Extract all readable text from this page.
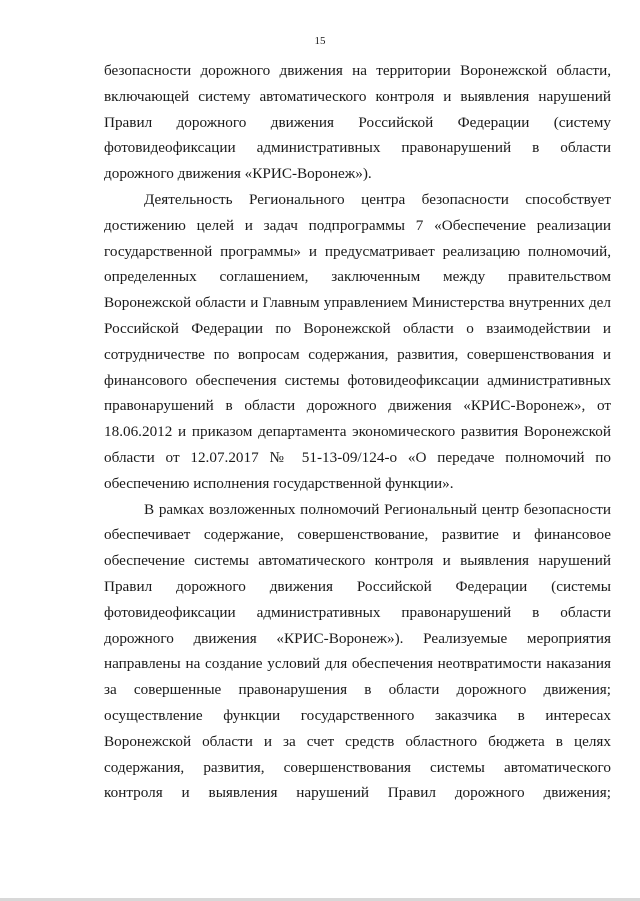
15
безопасности дорожного движения на территории Воронежской области,
включающей систему автоматического контроля и выявления нарушений
Правил дорожного движения Российской Федерации (систему
фотовидеофиксации административных правонарушений в области
дорожного движения «КРИС-Воронеж»).
Деятельность Регионального центра безопасности способствует
достижению целей и задач подпрограммы 7 «Обеспечение реализации
государственной программы» и предусматривает реализацию полномочий,
определенных соглашением, заключенным между правительством
Воронежской области и Главным управлением Министерства внутренних дел
Российской Федерации по Воронежской области о взаимодействии и
сотрудничестве по вопросам содержания, развития, совершенствования и
финансового обеспечения системы фотовидеофиксации административных
правонарушений в области дорожного движения «КРИС-Воронеж», от
18.06.2012 и приказом департамента экономического развития Воронежской
области от 12.07.2017 № 51-13-09/124-о «О передаче полномочий по
обеспечению исполнения государственной функции».
В рамках возложенных полномочий Региональный центр безопасности
обеспечивает содержание, совершенствование, развитие и финансовое
обеспечение системы автоматического контроля и выявления нарушений
Правил дорожного движения Российской Федерации (системы
фотовидеофиксации административных правонарушений в области
дорожного движения «КРИС-Воронеж»). Реализуемые мероприятия
направлены на создание условий для обеспечения неотвратимости наказания
за совершенные правонарушения в области дорожного движения;
осуществление функции государственного заказчика в интересах
Воронежской области и за счет средств областного бюджета в целях
содержания, развития, совершенствования системы автоматического
контроля и выявления нарушений Правил дорожного движения;
